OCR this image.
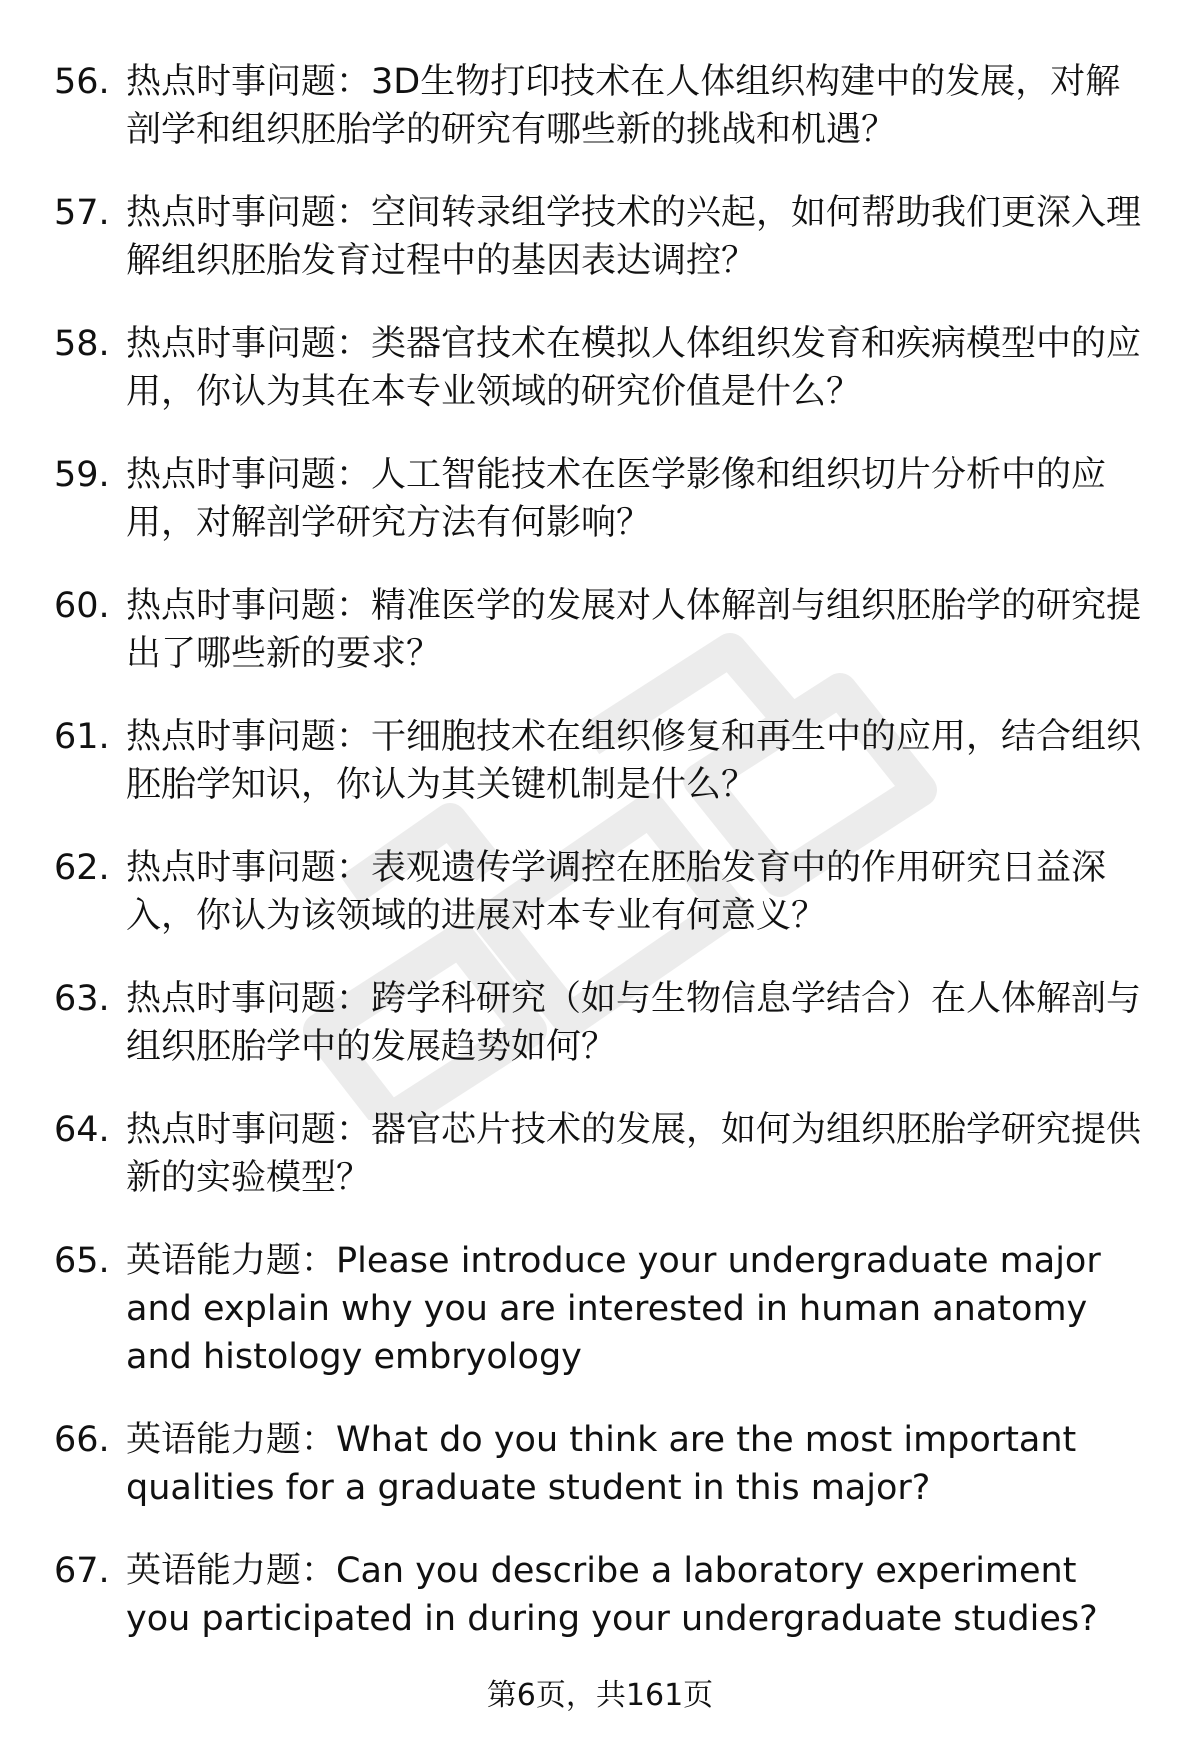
56. 热点时事问题：3D生物打印技术在人体组织构建中的发展，对解剖学和组织胚胎学的研究有哪些新的挑战和机遇？
57. 热点时事问题：空间转录组学技术的兴起，如何帮助我们更深入理解组织胚胎发育过程中的基因表达调控？
58. 热点时事问题：类器官技术在模拟人体组织发育和疾病模型中的应用，你认为其在本专业领域的研究价值是什么？
59. 热点时事问题：人工智能技术在医学影像和组织切片分析中的应用，对解剖学研究方法有何影响？
60. 热点时事问题：精准医学的发展对人体解剖与组织胚胎学的研究提出了哪些新的要求？
61. 热点时事问题：干细胞技术在组织修复和再生中的应用，结合组织胚胎学知识，你认为其关键机制是什么？
62. 热点时事问题：表观遗传学调控在胚胎发育中的作用研究日益深入，你认为该领域的进展对本专业有何意义？
63. 热点时事问题：跨学科研究（如与生物信息学结合）在人体解剖与组织胚胎学中的发展趋势如何？
64. 热点时事问题：器官芯片技术的发展，如何为组织胚胎学研究提供新的实验模型？
65. 英语能力题：Please introduce your undergraduate major and explain why you are interested in human anatomy and histology embryology
66. 英语能力题：What do you think are the most important qualities for a graduate student in this major?
67. 英语能力题：Can you describe a laboratory experiment you participated in during your undergraduate studies?
第6页，共161页
